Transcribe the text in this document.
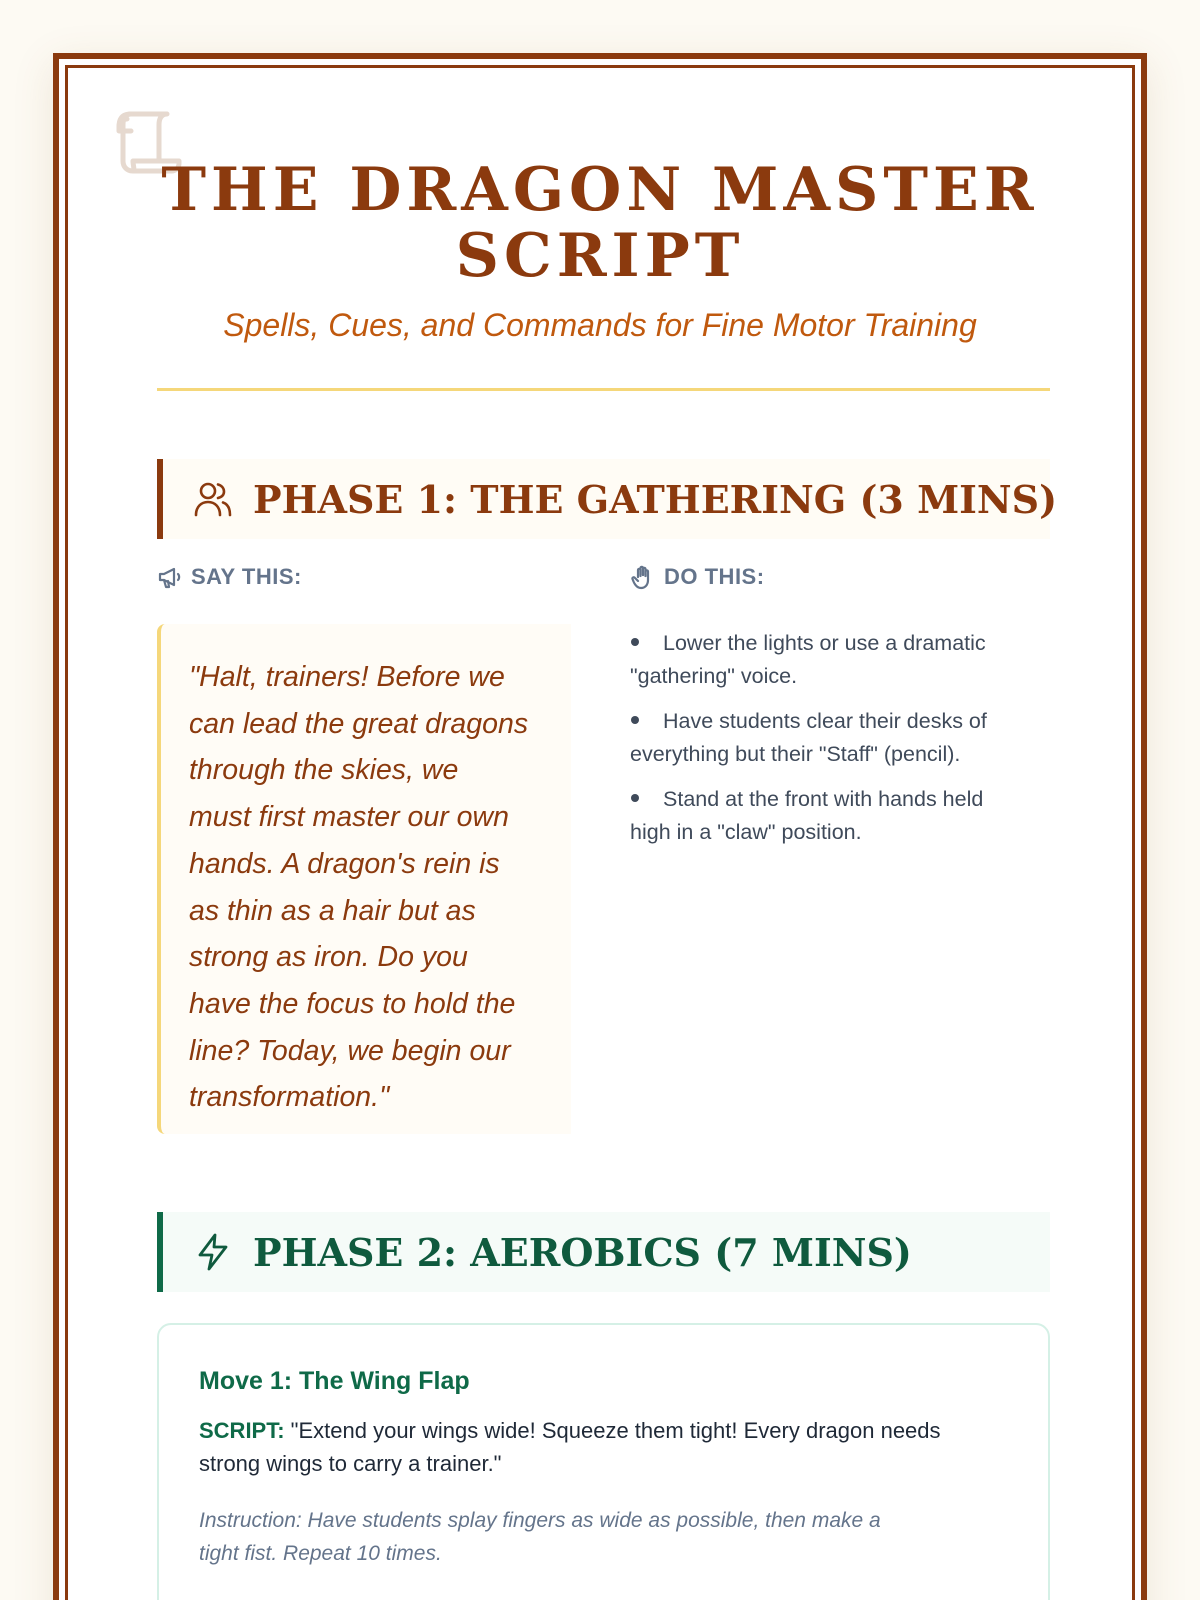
THE DRAGON MASTER
SCRIPT
Spells, Cues, and Commands for Fine Motor Training
PHASE 1: THE GATHERING (3 MINS)
SAY THIS:	DO THIS:
"Halt, trainers! Before we
can lead the great dragons
through the skies, we
must first master our own
hands. A dragon's rein is
as thin as a hair but as
strong as iron. Do you
have the focus to hold the
line? Today, we begin our
transformation."
Lower the lights or use a dramatic
"gathering" voice.
Have students clear their desks of
everything but their "Staff" (pencil).
Stand at the front with hands held
high in a "claw" position.
PHASE 2: AEROBICS (7 MINS)
Move 1: The Wing Flap
SCRIPT: "Extend your wings wide! Squeeze them tight! Every dragon needs
strong wings to carry a trainer."
Instruction: Have students splay fingers as wide as possible, then make a
tight fist. Repeat 10 times.
